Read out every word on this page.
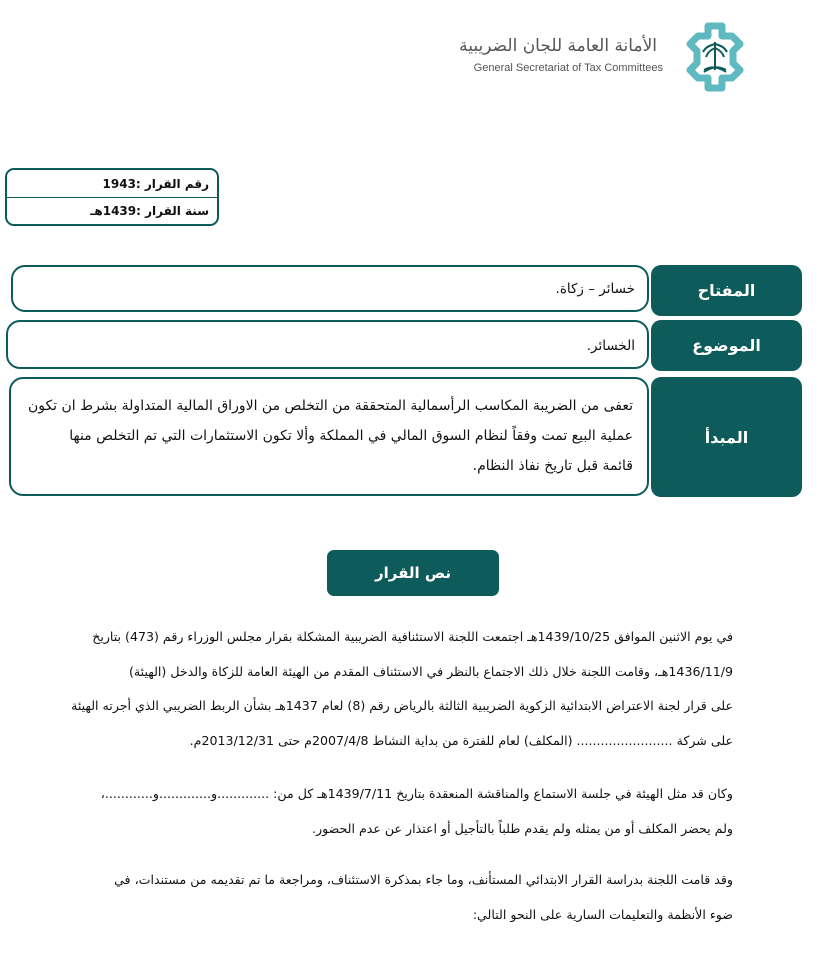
الأمانة العامة للجان الضريبية
General Secretariat of Tax Committees
رقم القرار :1943
سنة القرار :1439هـ
المفتاح
خسائر – زكاة.
الموضوع
الخسائر.
المبدأ
تعفى من الضريبة المكاسب الرأسمالية المتحققة من التخلص من الاوراق المالية المتداولة بشرط ان تكون
عملية البيع تمت وفقاً لنظام السوق المالي في المملكة وألا تكون الاستثمارات التي تم التخلص منها
قائمة قبل تاريخ نفاذ النظام.
نص القرار
في يوم الاثنين الموافق 1439/10/25هـ اجتمعت اللجنة الاستئنافية الضريبية المشكلة بقرار مجلس الوزراء رقم (473) بتاريخ
1436/11/9هـ، وقامت اللجنة خلال ذلك الاجتماع بالنظر في الاستئناف المقدم من الهيئة العامة للزكاة والدخل (الهيئة)
على قرار لجنة الاعتراض الابتدائية الزكوية الضريبية الثالثة بالرياض رقم (8) لعام 1437هـ بشأن الربط الضريبي الذي أجرته الهيئة
على شركة ........................ (المكلف) لعام للفترة من بداية النشاط 2007/4/8م حتى 2013/12/31م.
وكان قد مثل الهيئة في جلسة الاستماع والمناقشة المنعقدة بتاريخ 1439/7/11هـ كل من: .............و.............و............،
ولم يحضر المكلف أو من يمثله ولم يقدم طلباً بالتأجيل أو اعتذار عن عدم الحضور.
وقد قامت اللجنة بدراسة القرار الابتدائي المستأنف، وما جاء بمذكرة الاستئناف، ومراجعة ما تم تقديمه من مستندات، في
ضوء الأنظمة والتعليمات السارية على النحو التالي:
